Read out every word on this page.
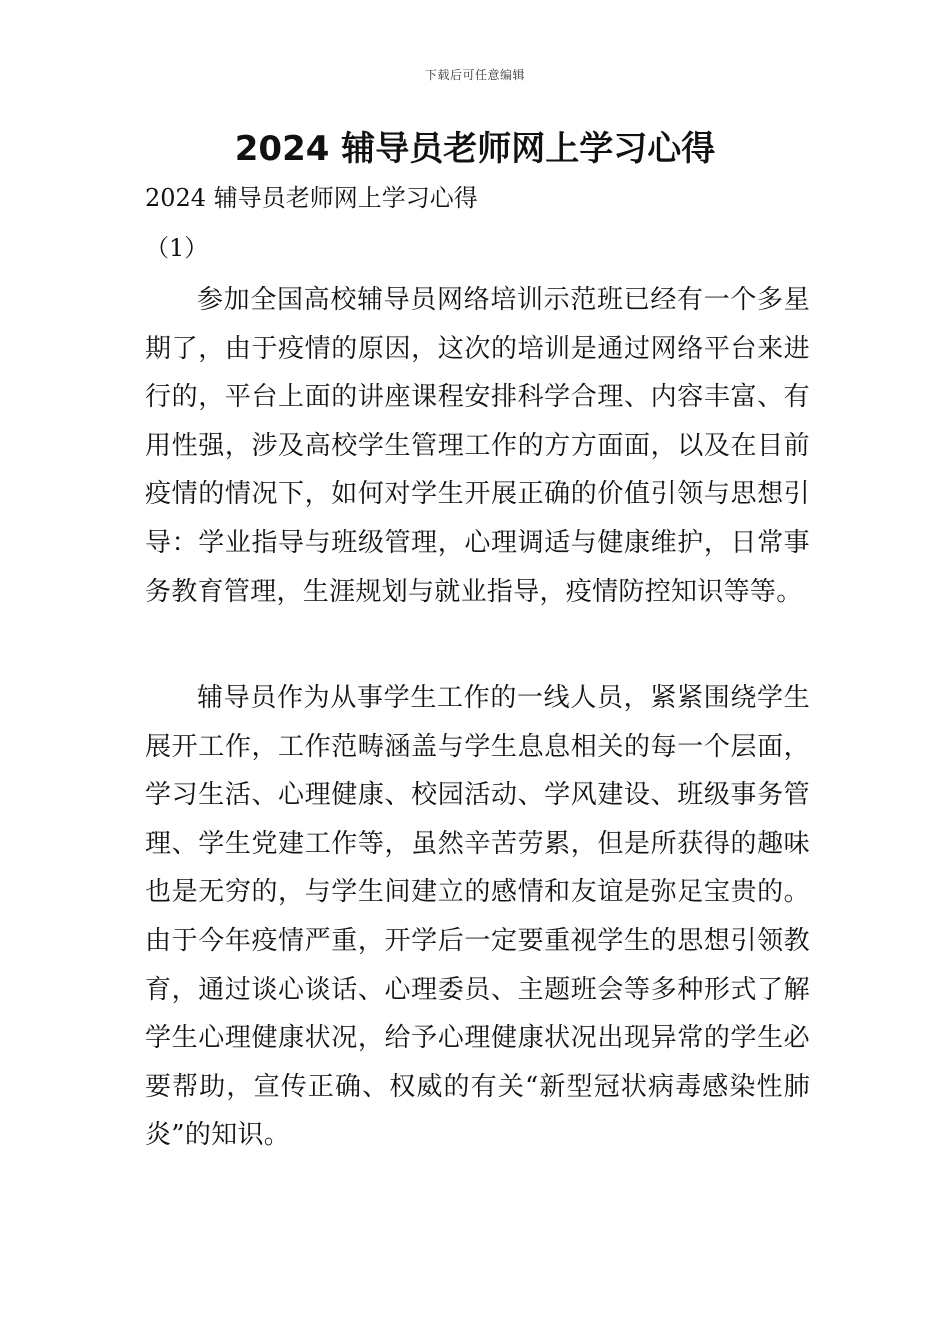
下载后可任意编辑
2024 辅导员老师网上学习心得

2024 辅导员老师网上学习心得

（1）

参加全国高校辅导员网络培训示范班已经有一个多星期了，由于疫情的原因，这次的培训是通过网络平台来进行的，平台上面的讲座课程安排科学合理、内容丰富、有用性强，涉及高校学生管理工作的方方面面，以及在目前疫情的情况下，如何对学生开展正确的价值引领与思想引导：学业指导与班级管理，心理调适与健康维护，日常事务教育管理，生涯规划与就业指导，疫情防控知识等等。

辅导员作为从事学生工作的一线人员，紧紧围绕学生展开工作，工作范畴涵盖与学生息息相关的每一个层面，学习生活、心理健康、校园活动、学风建设、班级事务管理、学生党建工作等，虽然辛苦劳累，但是所获得的趣味也是无穷的，与学生间建立的感情和友谊是弥足宝贵的。由于今年疫情严重，开学后一定要重视学生的思想引领教育，通过谈心谈话、心理委员、主题班会等多种形式了解学生心理健康状况，给予心理健康状况出现异常的学生必要帮助，宣传正确、权威的有关“新型冠状病毒感染性肺炎”的知识。
